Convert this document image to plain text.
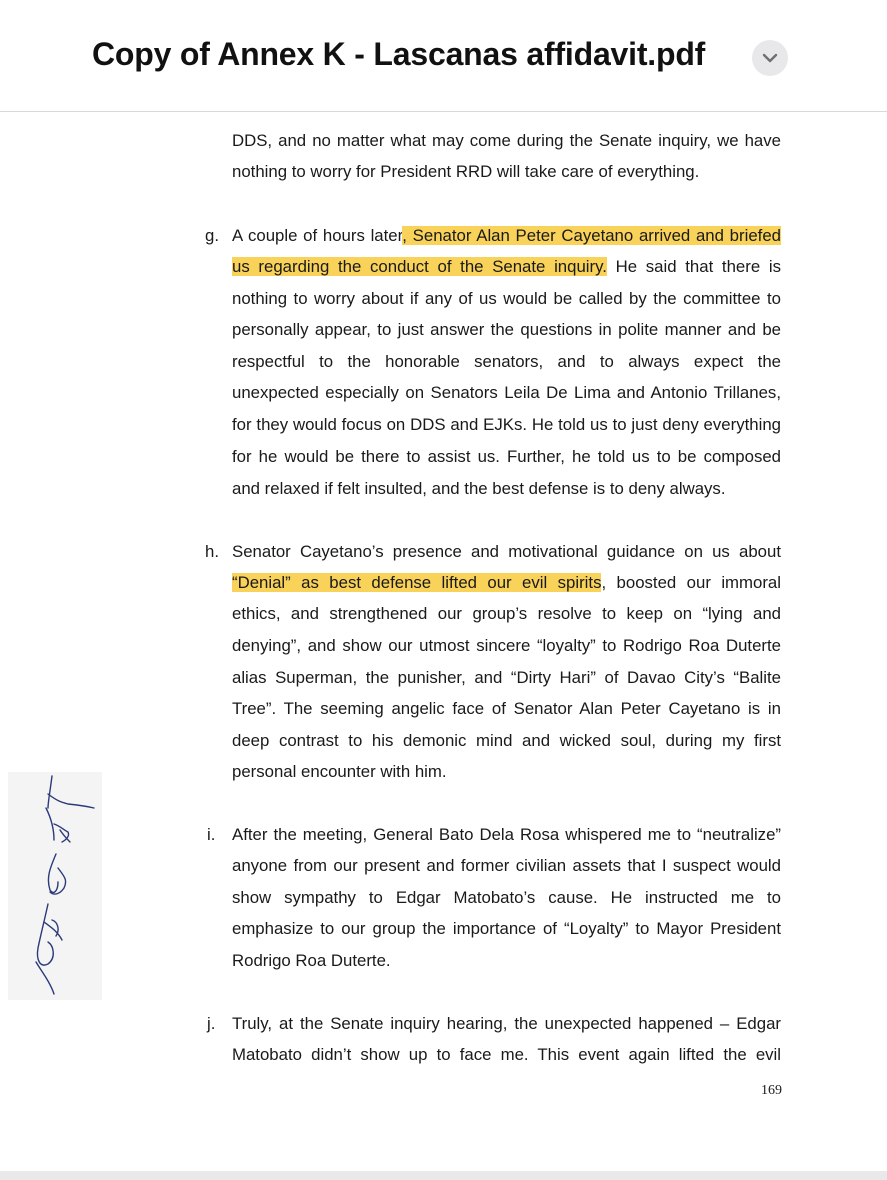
Copy of Annex K - Lascanas affidavit.pdf
DDS, and no matter what may come during the Senate inquiry, we have
nothing to worry for President RRD will take care of everything.
g. A couple of hours later, Senator Alan Peter Cayetano arrived and briefed
us regarding the conduct of the Senate inquiry. He said that there is
nothing to worry about if any of us would be called by the committee to
personally appear, to just answer the questions in polite manner and be
respectful to the honorable senators, and to always expect the
unexpected especially on Senators Leila De Lima and Antonio Trillanes,
for they would focus on DDS and EJKs. He told us to just deny everything
for he would be there to assist us. Further, he told us to be composed
and relaxed if felt insulted, and the best defense is to deny always.
h. Senator Cayetano’s presence and motivational guidance on us about
“Denial” as best defense lifted our evil spirits, boosted our immoral
ethics, and strengthened our group’s resolve to keep on “lying and
denying”, and show our utmost sincere “loyalty” to Rodrigo Roa Duterte
alias Superman, the punisher, and “Dirty Hari” of Davao City’s “Balite
Tree”. The seeming angelic face of Senator Alan Peter Cayetano is in
deep contrast to his demonic mind and wicked soul, during my first
personal encounter with him.
i. After the meeting, General Bato Dela Rosa whispered me to “neutralize”
anyone from our present and former civilian assets that I suspect would
show sympathy to Edgar Matobato’s cause. He instructed me to
emphasize to our group the importance of “Loyalty” to Mayor President
Rodrigo Roa Duterte.
j. Truly, at the Senate inquiry hearing, the unexpected happened – Edgar
Matobato didn’t show up to face me. This event again lifted the evil
169
